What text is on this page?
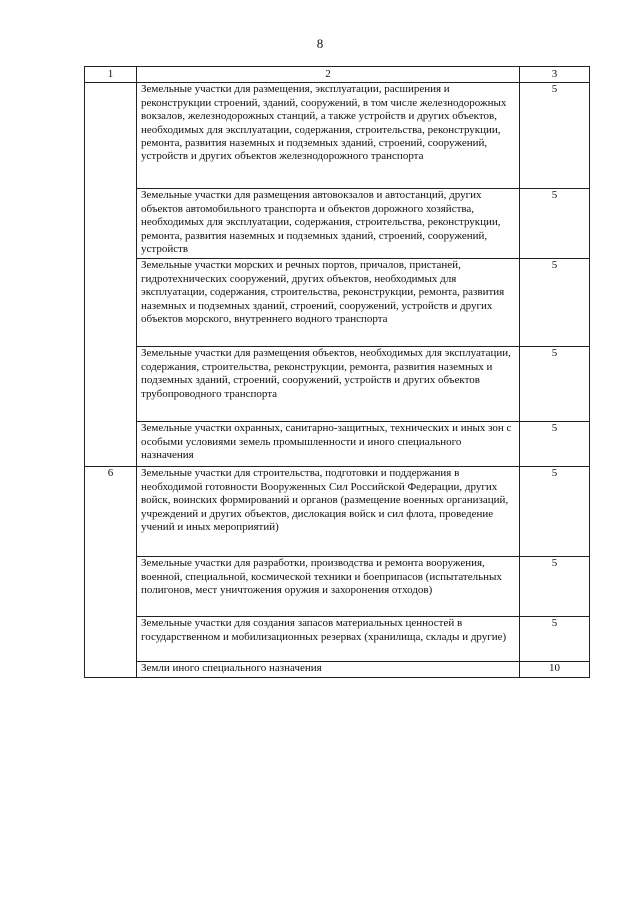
8
1	2	3
	Земельные участки для размещения, эксплуатации, расширения и реконструкции строений, зданий, сооружений, в том числе железнодорожных вокзалов, железнодорожных станций, а также устройств и других объектов, необходимых для эксплуатации, содержания, строительства, реконструкции, ремонта, развития наземных и подземных зданий, строений, сооружений, устройств и других объектов железнодорожного транспорта	5
	Земельные участки для размещения автовокзалов и автостанций, других объектов автомобильного транспорта и объектов дорожного хозяйства, необходимых для эксплуатации, содержания, строительства, реконструкции, ремонта, развития наземных и подземных зданий, строений, сооружений, устройств	5
	Земельные участки морских и речных портов, причалов, пристаней, гидротехнических сооружений, других объектов, необходимых для эксплуатации, содержания, строительства, реконструкции, ремонта, развития наземных и подземных зданий, строений, сооружений, устройств и других объектов морского, внутреннего водного транспорта	5
	Земельные участки для размещения объектов, необходимых для эксплуатации, содержания, строительства, реконструкции, ремонта, развития наземных и подземных зданий, строений, сооружений, устройств и других объектов трубопроводного транспорта	5
	Земельные участки охранных, санитарно-защитных, технических и иных зон с особыми условиями земель промышленности и иного специального назначения	5
6	Земельные участки для строительства, подготовки и поддержания в необходимой готовности Вооруженных Сил Российской Федерации, других войск, воинских формирований и органов (размещение военных организаций, учреждений и других объектов, дислокация войск и сил флота, проведение учений и иных мероприятий)	5
	Земельные участки для разработки, производства и ремонта вооружения, военной, специальной, космической техники и боеприпасов (испытательных полигонов, мест уничтожения оружия и захоронения отходов)	5
	Земельные участки для создания запасов материальных ценностей в государственном и мобилизационных резервах (хранилища, склады и другие)	5
	Земли иного специального назначения	10
